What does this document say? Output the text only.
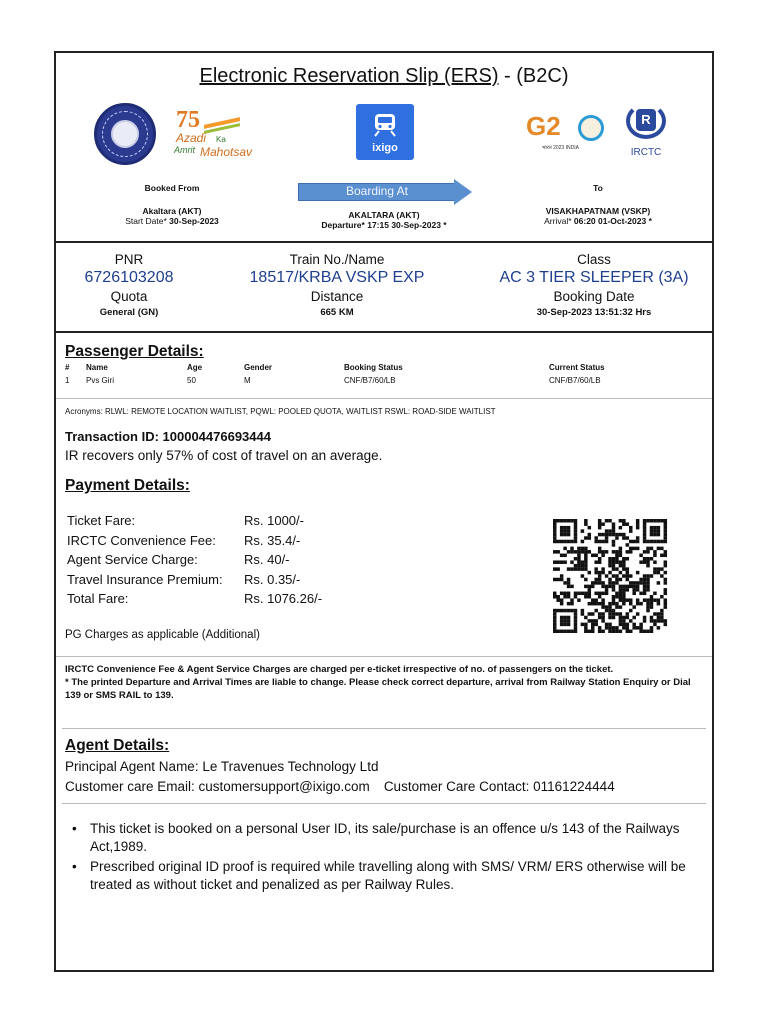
Electronic Reservation Slip (ERS) - (B2C)
75
Azadi Ka
Amrit Mahotsav	ixigo
G2
भारत 2023 INDIA
R
IRCTC
Booked From
Akaltara (AKT)
Start Date* 30-Sep-2023
Boarding At
AKALTARA (AKT)
Departure* 17:15 30-Sep-2023 *
To
VISAKHAPATNAM (VSKP)
Arrival* 06:20 01-Oct-2023 *
PNR
6726103208
Quota
General (GN)
Train No./Name
18517/KRBA VSKP EXP
Distance
665 KM
Class
AC 3 TIER SLEEPER (3A)
Booking Date
30-Sep-2023 13:51:32 Hrs
Passenger Details:
# Name	Age	Gender	Booking Status	Current Status
1 Pvs Giri	50	M	CNF/B7/60/LB	CNF/B7/60/LB
Acronyms: RLWL: REMOTE LOCATION WAITLIST, PQWL: POOLED QUOTA, WAITLIST RSWL: ROAD-SIDE WAITLIST
Transaction ID: 100004476693444
IR recovers only 57% of cost of travel on an average.
Payment Details:
Ticket Fare:	Rs. 1000/-
IRCTC Convenience Fee: Rs. 35.4/-
Agent Service Charge:	Rs. 40/-
Travel Insurance Premium: Rs. 0.35/-
Total Fare:	Rs. 1076.26/-
PG Charges as applicable (Additional)
IRCTC Convenience Fee & Agent Service Charges are charged per e-ticket irrespective of no. of passengers on the ticket.
* The printed Departure and Arrival Times are liable to change. Please check correct departure, arrival from Railway Station Enquiry or Dial 139 or SMS RAIL to 139.
Agent Details:
Principal Agent Name: Le Travenues Technology Ltd
Customer care Email: customersupport@ixigo.com Customer Care Contact: 01161224444
• This ticket is booked on a personal User ID, its sale/purchase is an offence u/s 143 of the Railways Act,1989.
• Prescribed original ID proof is required while travelling along with SMS/ VRM/ ERS otherwise will be treated as without ticket and penalized as per Railway Rules.
